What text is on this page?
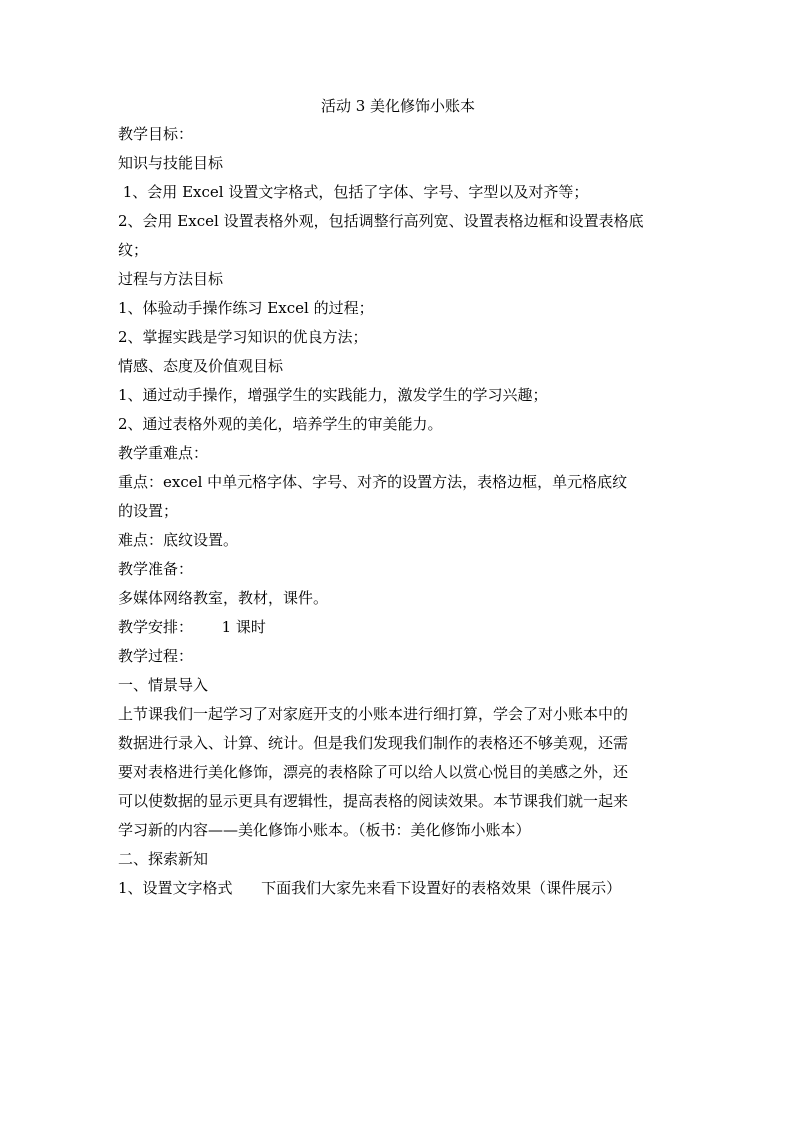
活动 3 美化修饰小账本

教学目标：

知识与技能目标

1、会用 Excel 设置文字格式，包括了字体、字号、字型以及对齐等；

2、会用 Excel 设置表格外观，包括调整行高列宽、设置表格边框和设置表格底

纹；

过程与方法目标

1、体验动手操作练习 Excel 的过程；

2、掌握实践是学习知识的优良方法；

情感、态度及价值观目标

1、通过动手操作，增强学生的实践能力，激发学生的学习兴趣；

2、通过表格外观的美化，培养学生的审美能力。

教学重难点：

重点：excel 中单元格字体、字号、对齐的设置方法，表格边框，单元格底纹

的设置；

难点：底纹设置。

教学准备：

多媒体网络教室，教材，课件。

教学安排：      1 课时

教学过程：

一、情景导入

上节课我们一起学习了对家庭开支的小账本进行细打算，学会了对小账本中的

数据进行录入、计算、统计。但是我们发现我们制作的表格还不够美观，还需

要对表格进行美化修饰，漂亮的表格除了可以给人以赏心悦目的美感之外，还

可以使数据的显示更具有逻辑性，提高表格的阅读效果。本节课我们就一起来

学习新的内容——美化修饰小账本。（板书：美化修饰小账本）

二、探索新知

1、设置文字格式      下面我们大家先来看下设置好的表格效果（课件展示）
